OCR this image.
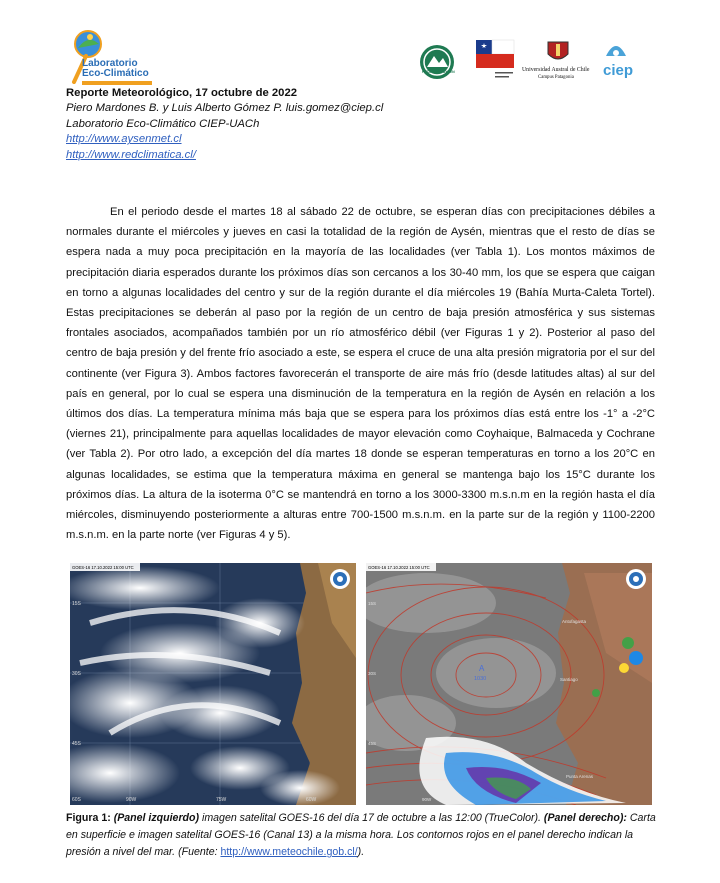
Laboratorio
Eco-Climático	PATAGONIA AYSEN	Universidad Austral de Chile
Campus Patagonia ciep
Reporte Meteorológico, 17 octubre de 2022
Piero Mardones B. y Luis Alberto Gómez P. luis.gomez@ciep.cl
Laboratorio Eco-Climático CIEP-UACh
http://www.aysenmet.cl
http://www.redclimatica.cl/

En el periodo desde el martes 18 al sábado 22 de octubre, se esperan días con precipitaciones débiles a normales durante el miércoles y jueves en casi la totalidad de la región de Aysén, mientras que el resto de días se espera nada a muy poca precipitación en la mayoría de las localidades (ver Tabla 1). Los montos máximos de precipitación diaria esperados durante los próximos días son cercanos a los 30-40 mm, los que se espera que caigan en torno a algunas localidades del centro y sur de la región durante el día miércoles 19 (Bahía Murta-Caleta Tortel). Estas precipitaciones se deberán al paso por la región de un centro de baja presión atmosférica y sus sistemas frontales asociados, acompañados también por un río atmosférico débil (ver Figuras 1 y 2). Posterior al paso del centro de baja presión y del frente frío asociado a este, se espera el cruce de una alta presión migratoria por el sur del continente (ver Figura 3). Ambos factores favorecerán el transporte de aire más frío (desde latitudes altas) al sur del país en general, por lo cual se espera una disminución de la temperatura en la región de Aysén en relación a los últimos dos días. La temperatura mínima más baja que se espera para los próximos días está entre los -1° a -2°C (viernes 21), principalmente para aquellas localidades de mayor elevación como Coyhaique, Balmaceda y Cochrane (ver Tabla 2). Por otro lado, a excepción del día martes 18 donde se esperan temperaturas en torno a los 20°C en algunas localidades, se estima que la temperatura máxima en general se mantenga bajo los 15°C durante los próximos días. La altura de la isoterma 0°C se mantendrá en torno a los 3000-3300 m.s.n.m en la región hasta el día miércoles, disminuyendo posteriormente a alturas entre 700-1500 m.s.n.m. en la parte sur de la región y 1100-2200 m.s.n.m. en la parte norte (ver Figuras 4 y 5).

15S
30S
45S
60S	90W	75W	60W
GOES-16 17.10.2022 15:00 UTC
A
1030
Antofagasta
Santiago
Punta Arenas
15S
30S
45S
90W
GOES-16 17.10.2022 15:00 UTC

Figura 1: (Panel izquierdo) imagen satelital GOES-16 del día 17 de octubre a las 12:00 (TrueColor). (Panel derecho): Carta en superficie e imagen satelital GOES-16 (Canal 13) a la misma hora. Los contornos rojos en el panel derecho indican la presión a nivel del mar. (Fuente: http://www.meteochile.gob.cl/).
